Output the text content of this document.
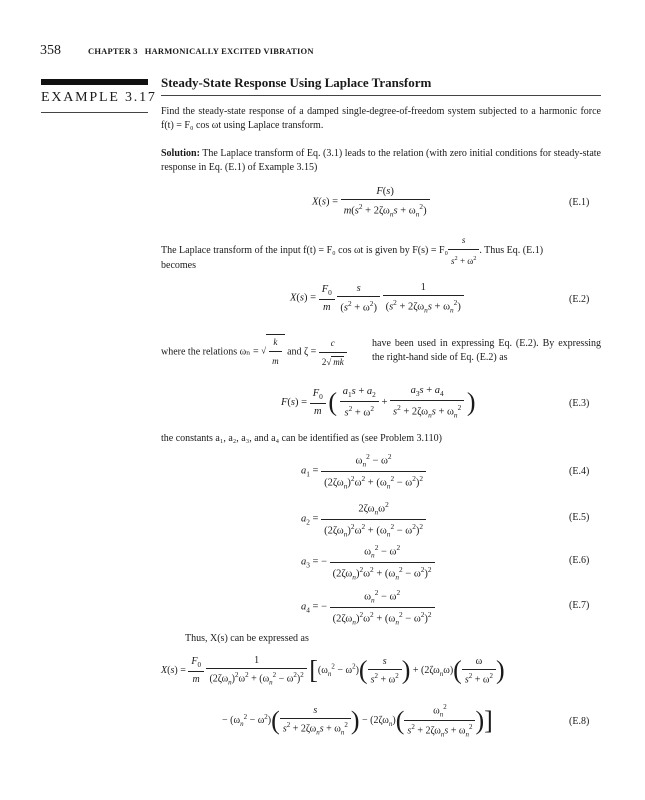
358	CHAPTER 3 HARMONICALLY EXCITED VIBRATION
EXAMPLE 3.17
Steady-State Response Using Laplace Transform
Find the steady-state response of a damped single-degree-of-freedom system subjected to a harmonic force f(t) = F₀ cos ωt using Laplace transform.
Solution: The Laplace transform of Eq. (3.1) leads to the relation (with zero initial conditions for steady-state response in Eq. (E.1) of Example 3.15)
$X(s) = \frac{F(s)}{m(s^2 + 2\zeta\omega_ns + \omega_n^2)}$	(E.1)
The Laplace transform of the input f(t) = F₀ cos ωt is given by $F(s) = F_0 \frac{s}{s^2 + \omega^2}$ . Thus Eq. (E.1)
becomes
$X(s) = \frac{F_0}{m}$
$\frac{s}{(s^2 + \omega^2)}$
$\frac{1}{(s^2 + 2\zeta\omega_ns + \omega_n^2)}$	(E.2)
where the relations ωₙ = √ $\frac{k}{m}$ and $\zeta = \frac{c}{2√ mk}$	have been used in expressing Eq. (E.2). By expressing the right-hand side of Eq. (E.2) as
$F(s) = \frac{F_0}{m}$ ( $\frac{a_1s + a_2}{s^2 + \omega^2} + \frac{a_3s + a_4}{s^2 + 2\zeta\omega_ns + \omega_n^2}$ )	(E.3)
the constants a₁, a₂, a₃, and a₄ can be identified as (see Problem 3.110)
$a_1 = \frac{\omega_n^2 - \omega^2}{(2\zeta\omega_n)^2\omega^2 + (\omega_n^2 - \omega^2)^2}$	(E.4)
$a_2 = \frac{2\zeta\omega_n\omega^2}{(2\zeta\omega_n)^2\omega^2 + (\omega_n^2 - \omega^2)^2}$	(E.5)
$a_3$ = − $\frac{\omega_n^2 - \omega^2}{(2\zeta\omega_n)^2\omega^2 + (\omega_n^2 - \omega^2)^2}$	(E.6)
$a_4$ = − $\frac{\omega_n^2 - \omega^2}{(2\zeta\omega_n)^2\omega^2 + (\omega_n^2 - \omega^2)^2}$	(E.7)
Thus, X(s) can be expressed as
$X(s) = \frac{F_0}{m}$
$\frac{1}{(2\zeta\omega_n)^2\omega^2 + (\omega_n^2 - \omega^2)^2} [(\omega_n^2 - \omega^2)( \frac{s}{s^2 + \omega^2}$ ) + $(2\zeta\omega_n\omega)( \frac{\omega}{s^2 + \omega^2}$ )
− $(\omega_n^2 - \omega^2)( \frac{s}{s^2 + 2\zeta\omega_ns + \omega_n^2}$ ) − $(2\zeta\omega_n)( \frac{\omega_n^2}{s^2 + 2\zeta\omega_ns + \omega_n^2}$ )]	(E.8)
